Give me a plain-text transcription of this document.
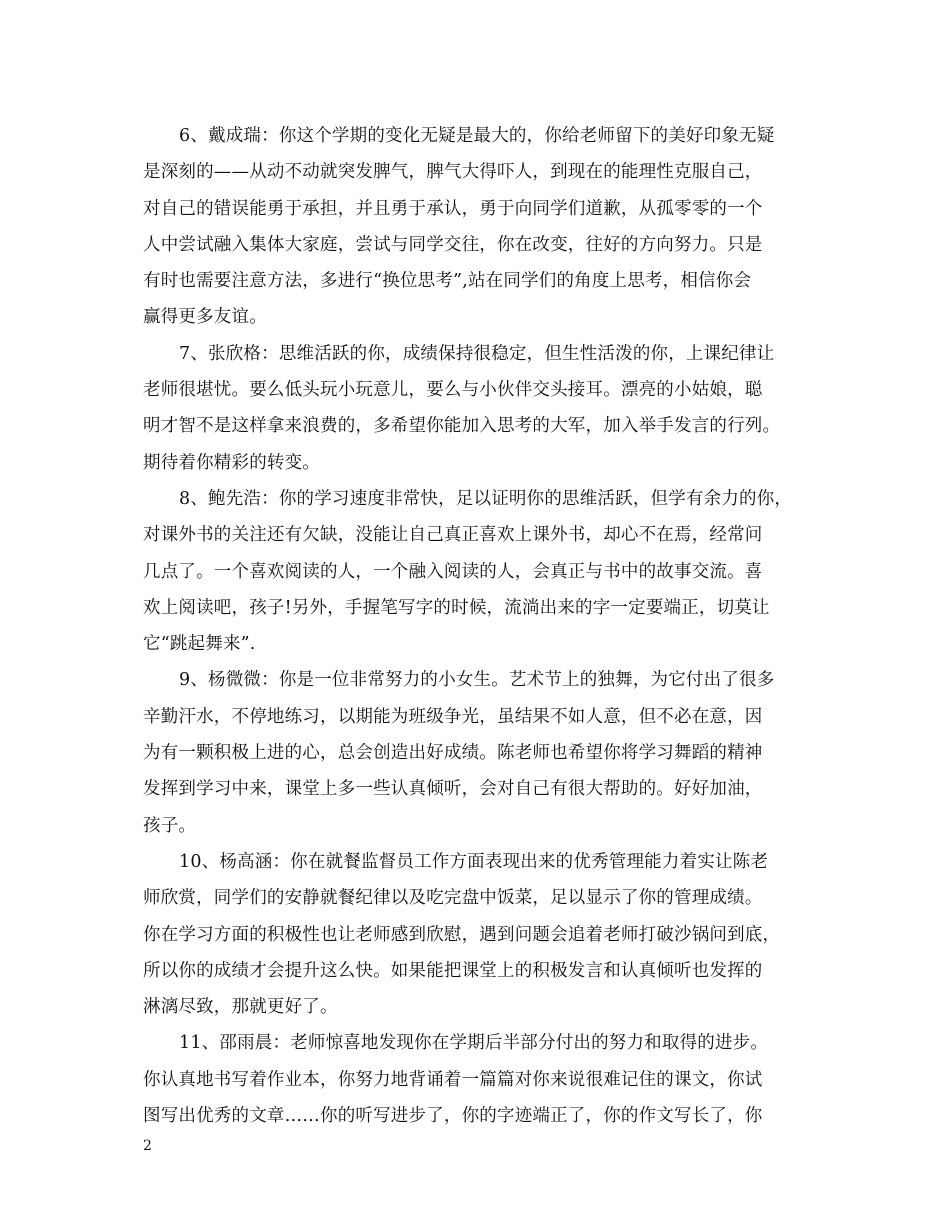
6、戴成瑞：你这个学期的变化无疑是最大的，你给老师留下的美好印象无疑
是深刻的——从动不动就突发脾气，脾气大得吓人，到现在的能理性克服自己，
对自己的错误能勇于承担，并且勇于承认，勇于向同学们道歉，从孤零零的一个
人中尝试融入集体大家庭，尝试与同学交往，你在改变，往好的方向努力。只是
有时也需要注意方法，多进行“换位思考”,站在同学们的角度上思考，相信你会
赢得更多友谊。
7、张欣格：思维活跃的你，成绩保持很稳定，但生性活泼的你，上课纪律让
老师很堪忧。要么低头玩小玩意儿，要么与小伙伴交头接耳。漂亮的小姑娘，聪
明才智不是这样拿来浪费的，多希望你能加入思考的大军，加入举手发言的行列。
期待着你精彩的转变。
8、鲍先浩：你的学习速度非常快，足以证明你的思维活跃，但学有余力的你，
对课外书的关注还有欠缺，没能让自己真正喜欢上课外书，却心不在焉，经常问
几点了。一个喜欢阅读的人，一个融入阅读的人，会真正与书中的故事交流。喜
欢上阅读吧，孩子!另外，手握笔写字的时候，流淌出来的字一定要端正，切莫让
它“跳起舞来”.
9、杨微微：你是一位非常努力的小女生。艺术节上的独舞，为它付出了很多
辛勤汗水，不停地练习，以期能为班级争光，虽结果不如人意，但不必在意，因
为有一颗积极上进的心，总会创造出好成绩。陈老师也希望你将学习舞蹈的精神
发挥到学习中来，课堂上多一些认真倾听，会对自己有很大帮助的。好好加油，
孩子。
10、杨高涵：你在就餐监督员工作方面表现出来的优秀管理能力着实让陈老
师欣赏，同学们的安静就餐纪律以及吃完盘中饭菜，足以显示了你的管理成绩。
你在学习方面的积极性也让老师感到欣慰，遇到问题会追着老师打破沙锅问到底，
所以你的成绩才会提升这么快。如果能把课堂上的积极发言和认真倾听也发挥的
淋漓尽致，那就更好了。
11、邵雨晨：老师惊喜地发现你在学期后半部分付出的努力和取得的进步。
你认真地书写着作业本，你努力地背诵着一篇篇对你来说很难记住的课文，你试
图写出优秀的文章……你的听写进步了，你的字迹端正了，你的作文写长了，你
2
